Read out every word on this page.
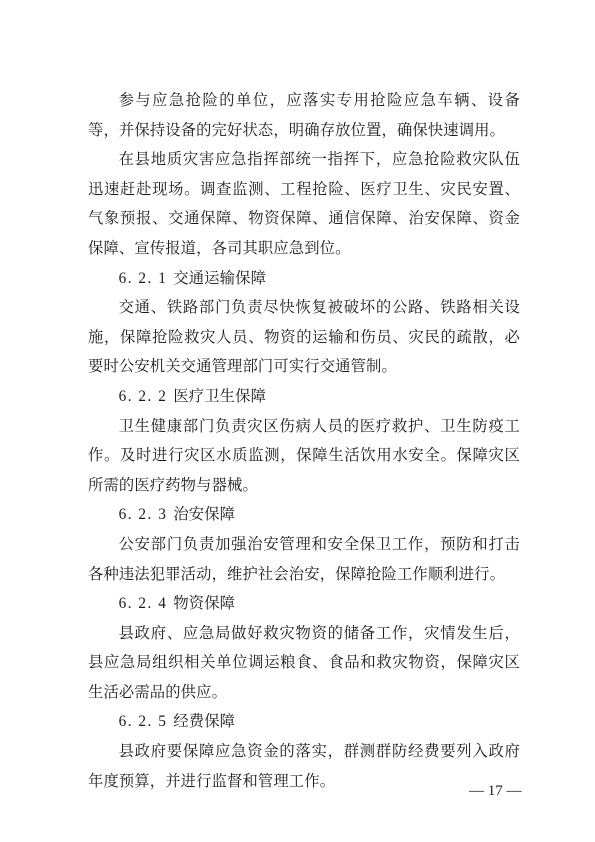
参与应急抢险的单位，应落实专用抢险应急车辆、设备等，并保持设备的完好状态，明确存放位置，确保快速调用。

在县地质灾害应急指挥部统一指挥下，应急抢险救灾队伍迅速赶赴现场。调查监测、工程抢险、医疗卫生、灾民安置、气象预报、交通保障、物资保障、通信保障、治安保障、资金保障、宣传报道，各司其职应急到位。

6. 2. 1 交通运输保障

交通、铁路部门负责尽快恢复被破坏的公路、铁路相关设施，保障抢险救灾人员、物资的运输和伤员、灾民的疏散，必要时公安机关交通管理部门可实行交通管制。

6. 2. 2 医疗卫生保障

卫生健康部门负责灾区伤病人员的医疗救护、卫生防疫工作。及时进行灾区水质监测，保障生活饮用水安全。保障灾区所需的医疗药物与器械。

6. 2. 3 治安保障

公安部门负责加强治安管理和安全保卫工作，预防和打击各种违法犯罪活动，维护社会治安，保障抢险工作顺利进行。

6. 2. 4 物资保障

县政府、应急局做好救灾物资的储备工作，灾情发生后，县应急局组织相关单位调运粮食、食品和救灾物资，保障灾区生活必需品的供应。

6. 2. 5 经费保障

县政府要保障应急资金的落实，群测群防经费要列入政府年度预算，并进行监督和管理工作。

— 17 —
